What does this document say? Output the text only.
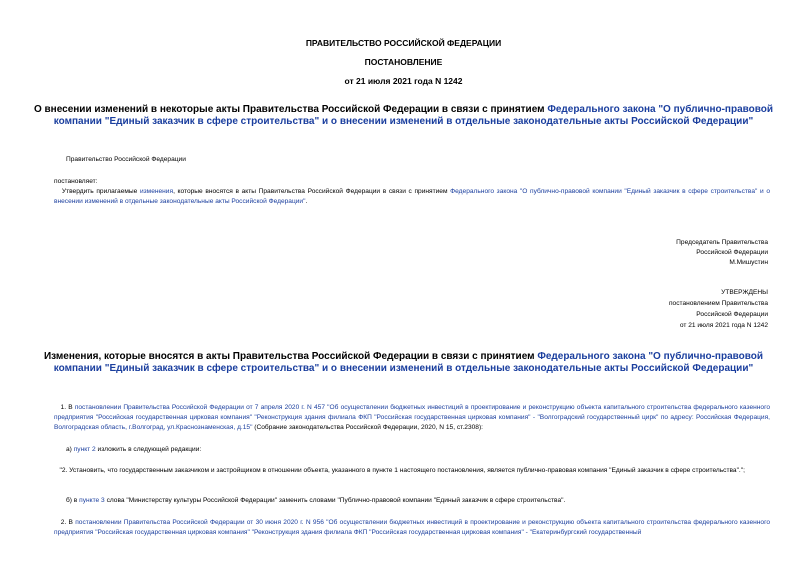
ПРАВИТЕЛЬСТВО РОССИЙСКОЙ ФЕДЕРАЦИИ
ПОСТАНОВЛЕНИЕ
от 21 июля 2021 года N 1242
О внесении изменений в некоторые акты Правительства Российской Федерации в связи с принятием Федерального закона "О публично-правовой компании "Единый заказчик в сфере строительства" и о внесении изменений в отдельные законодательные акты Российской Федерации"
Правительство Российской Федерации
постановляет:
Утвердить прилагаемые изменения, которые вносятся в акты Правительства Российской Федерации в связи с принятием Федерального закона "О публично-правовой компании "Единый заказчик в сфере строительства" и о внесении изменений в отдельные законодательные акты Российской Федерации".
Председатель Правительства
Российской Федерации
М.Мишустин
УТВЕРЖДЕНЫ
постановлением Правительства
Российской Федерации
от 21 июля 2021 года N 1242
Изменения, которые вносятся в акты Правительства Российской Федерации в связи с принятием Федерального закона "О публично-правовой компании "Единый заказчик в сфере строительства" и о внесении изменений в отдельные законодательные акты Российской Федерации"
1. В постановлении Правительства Российской Федерации от 7 апреля 2020 г. N 457 "Об осуществлении бюджетных инвестиций в проектирование и реконструкцию объекта капитального строительства федерального казенного предприятия "Российская государственная цирковая компания" "Реконструкция здания филиала ФКП "Российская государственная цирковая компания" - "Волгоградский государственный цирк" по адресу: Российская Федерация, Волгоградская область, г.Волгоград, ул.Краснознаменская, д.15" (Собрание законодательства Российской Федерации, 2020, N 15, ст.2308):
а) пункт 2 изложить в следующей редакции:
"2. Установить, что государственным заказчиком и застройщиком в отношении объекта, указанного в пункте 1 настоящего постановления, является публично-правовая компания "Единый заказчик в сфере строительства".";
б) в пункте 3 слова "Министерству культуры Российской Федерации" заменить словами "Публично-правовой компании "Единый заказчик в сфере строительства".
2. В постановлении Правительства Российской Федерации от 30 июня 2020 г. N 956 "Об осуществлении бюджетных инвестиций в проектирование и реконструкцию объекта капитального строительства федерального казенного предприятия "Российская государственная цирковая компания" "Реконструкция здания филиала ФКП "Российская государственная цирковая компания" - "Екатеринбургский государственный
